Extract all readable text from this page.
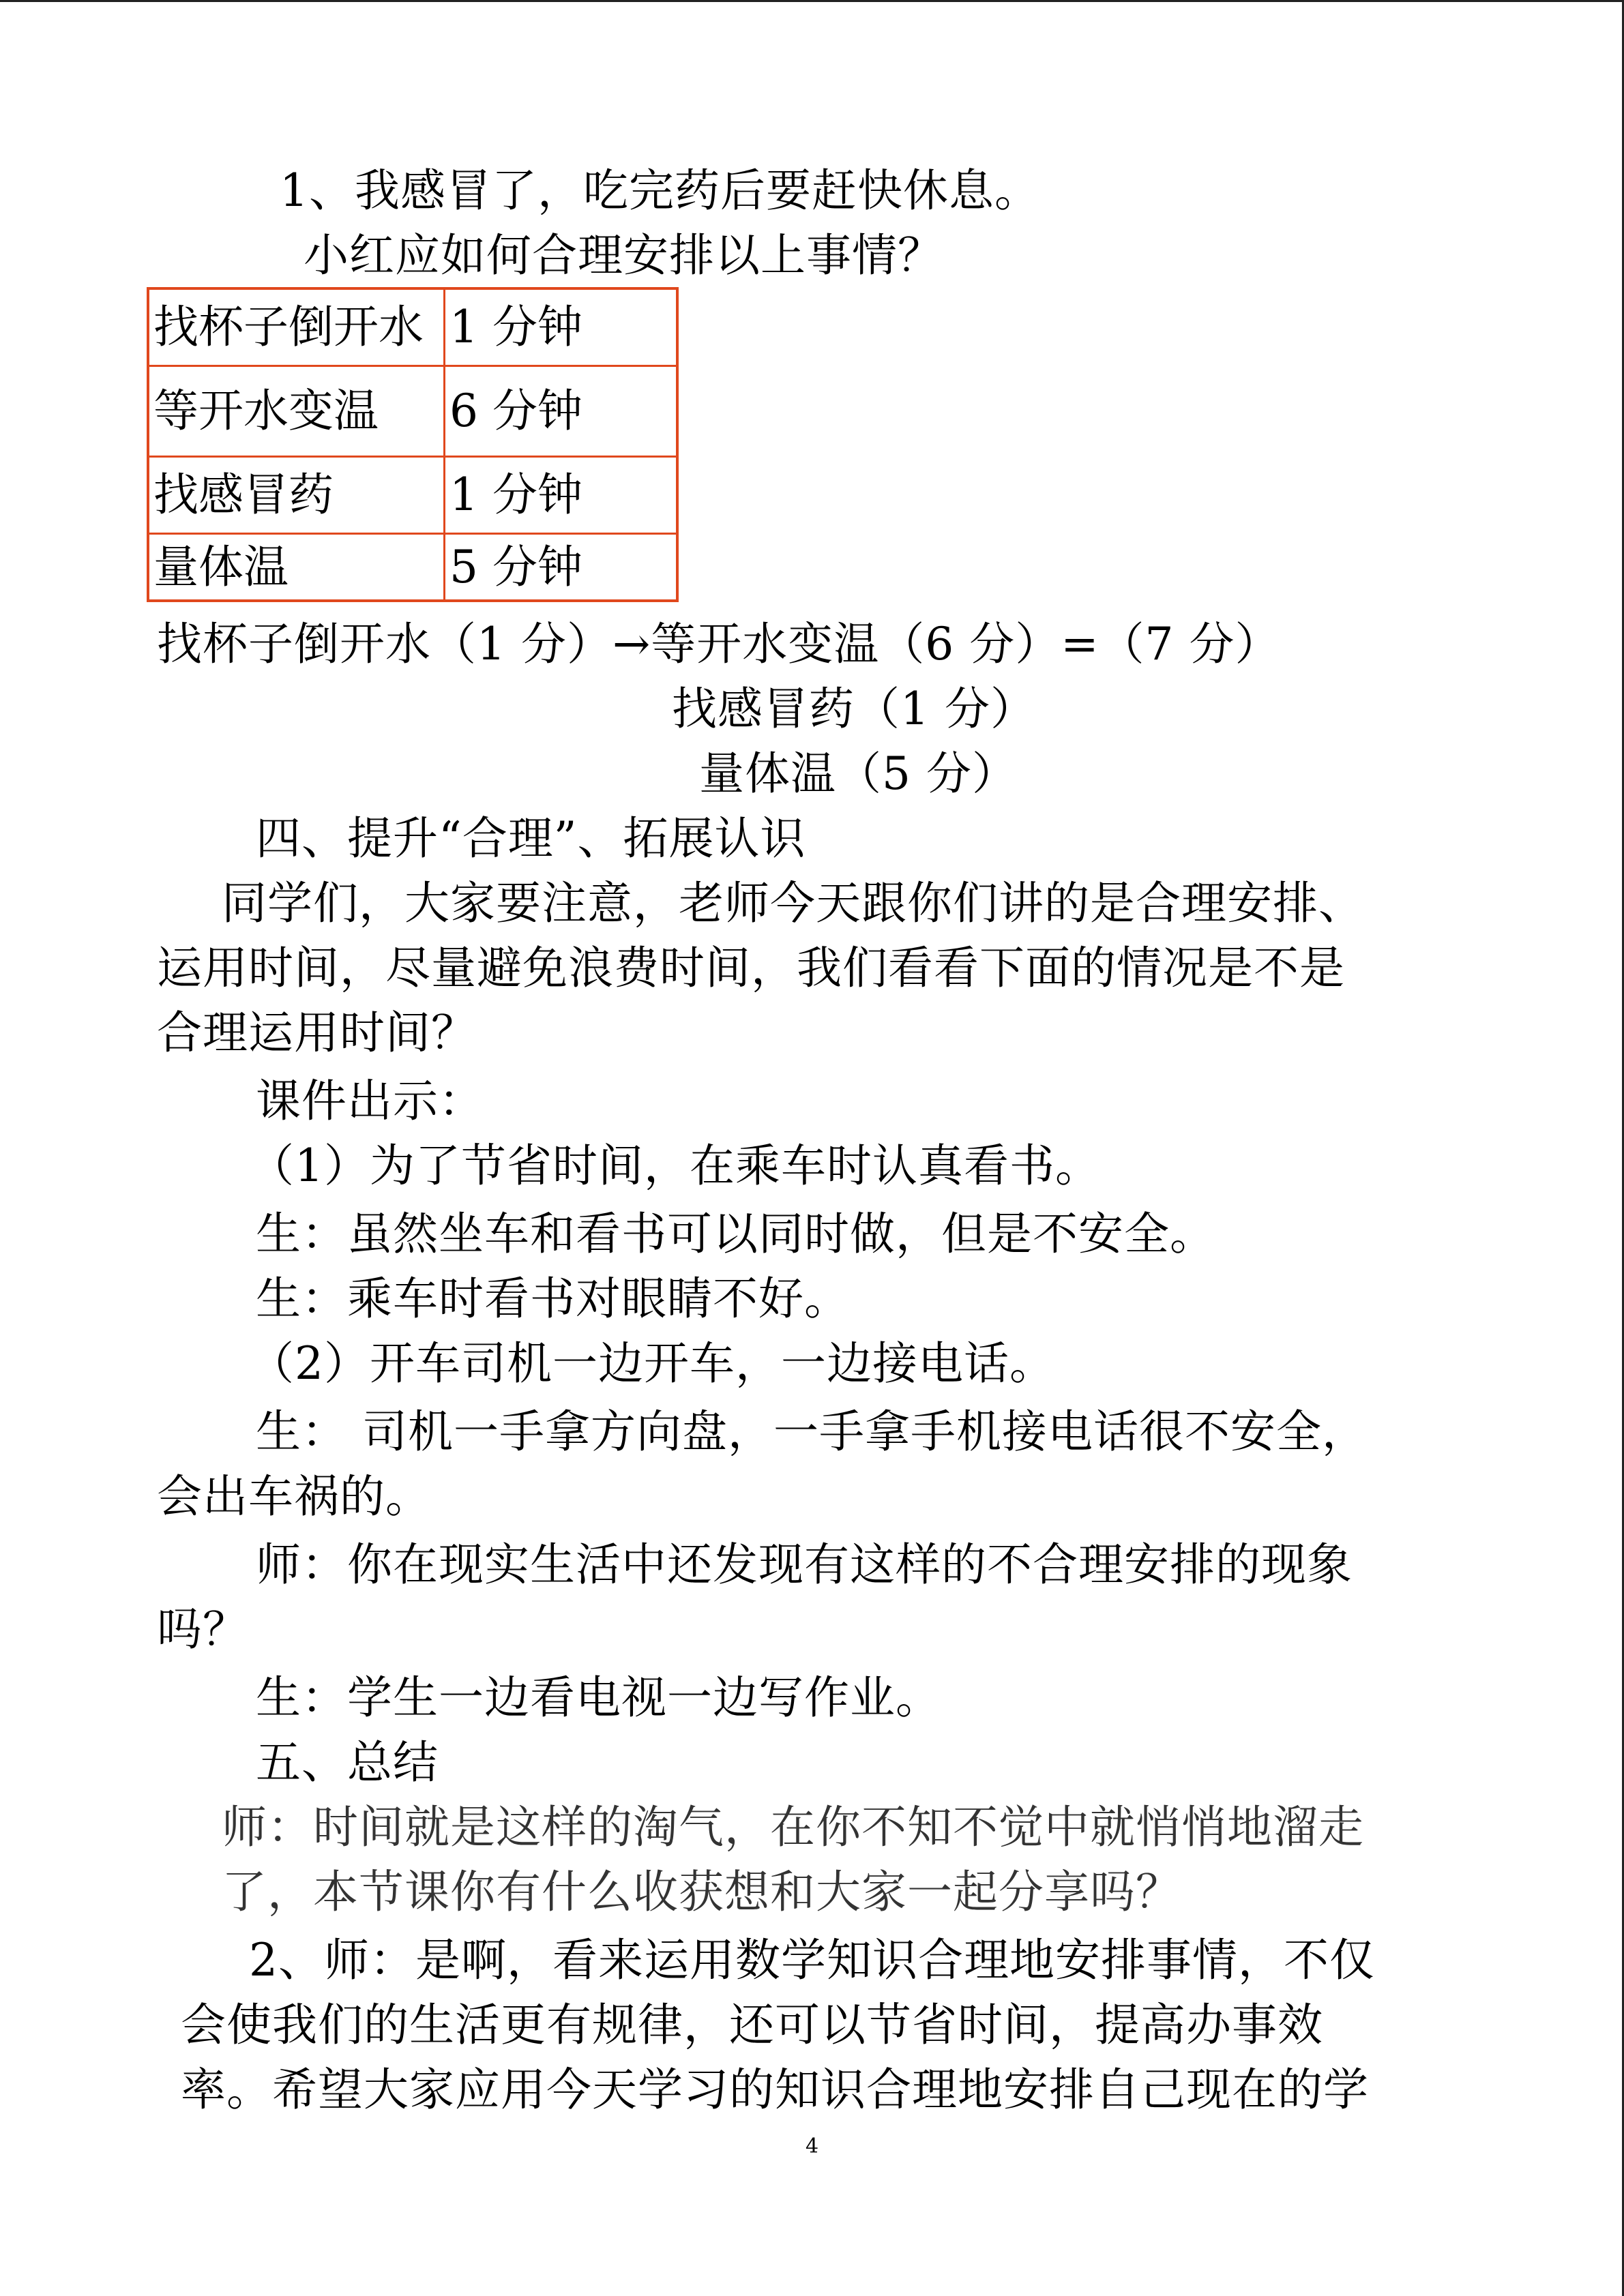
1、我感冒了，吃完药后要赶快休息。
小红应如何合理安排以上事情？
找杯子倒开水	1 分钟
等开水变温	6 分钟
找感冒药	1 分钟
量体温	5 分钟
找杯子倒开水（1 分）→等开水变温（6 分）=（7 分）
找感冒药（1 分）
量体温（5 分）
四、提升“合理”、拓展认识
同学们，大家要注意，老师今天跟你们讲的是合理安排、
运用时间，尽量避免浪费时间，我们看看下面的情况是不是
合理运用时间？
课件出示：
（1）为了节省时间，在乘车时认真看书。
生：虽然坐车和看书可以同时做，但是不安全。
生：乘车时看书对眼睛不好。
（2）开车司机一边开车，一边接电话。
生： 司机一手拿方向盘，一手拿手机接电话很不安全，
会出车祸的。
师：你在现实生活中还发现有这样的不合理安排的现象
吗？
生：学生一边看电视一边写作业。
五、总结
师：时间就是这样的淘气，在你不知不觉中就悄悄地溜走
了，本节课你有什么收获想和大家一起分享吗？
2、师：是啊，看来运用数学知识合理地安排事情，不仅
会使我们的生活更有规律，还可以节省时间，提高办事效
率。希望大家应用今天学习的知识合理地安排自己现在的学
4
